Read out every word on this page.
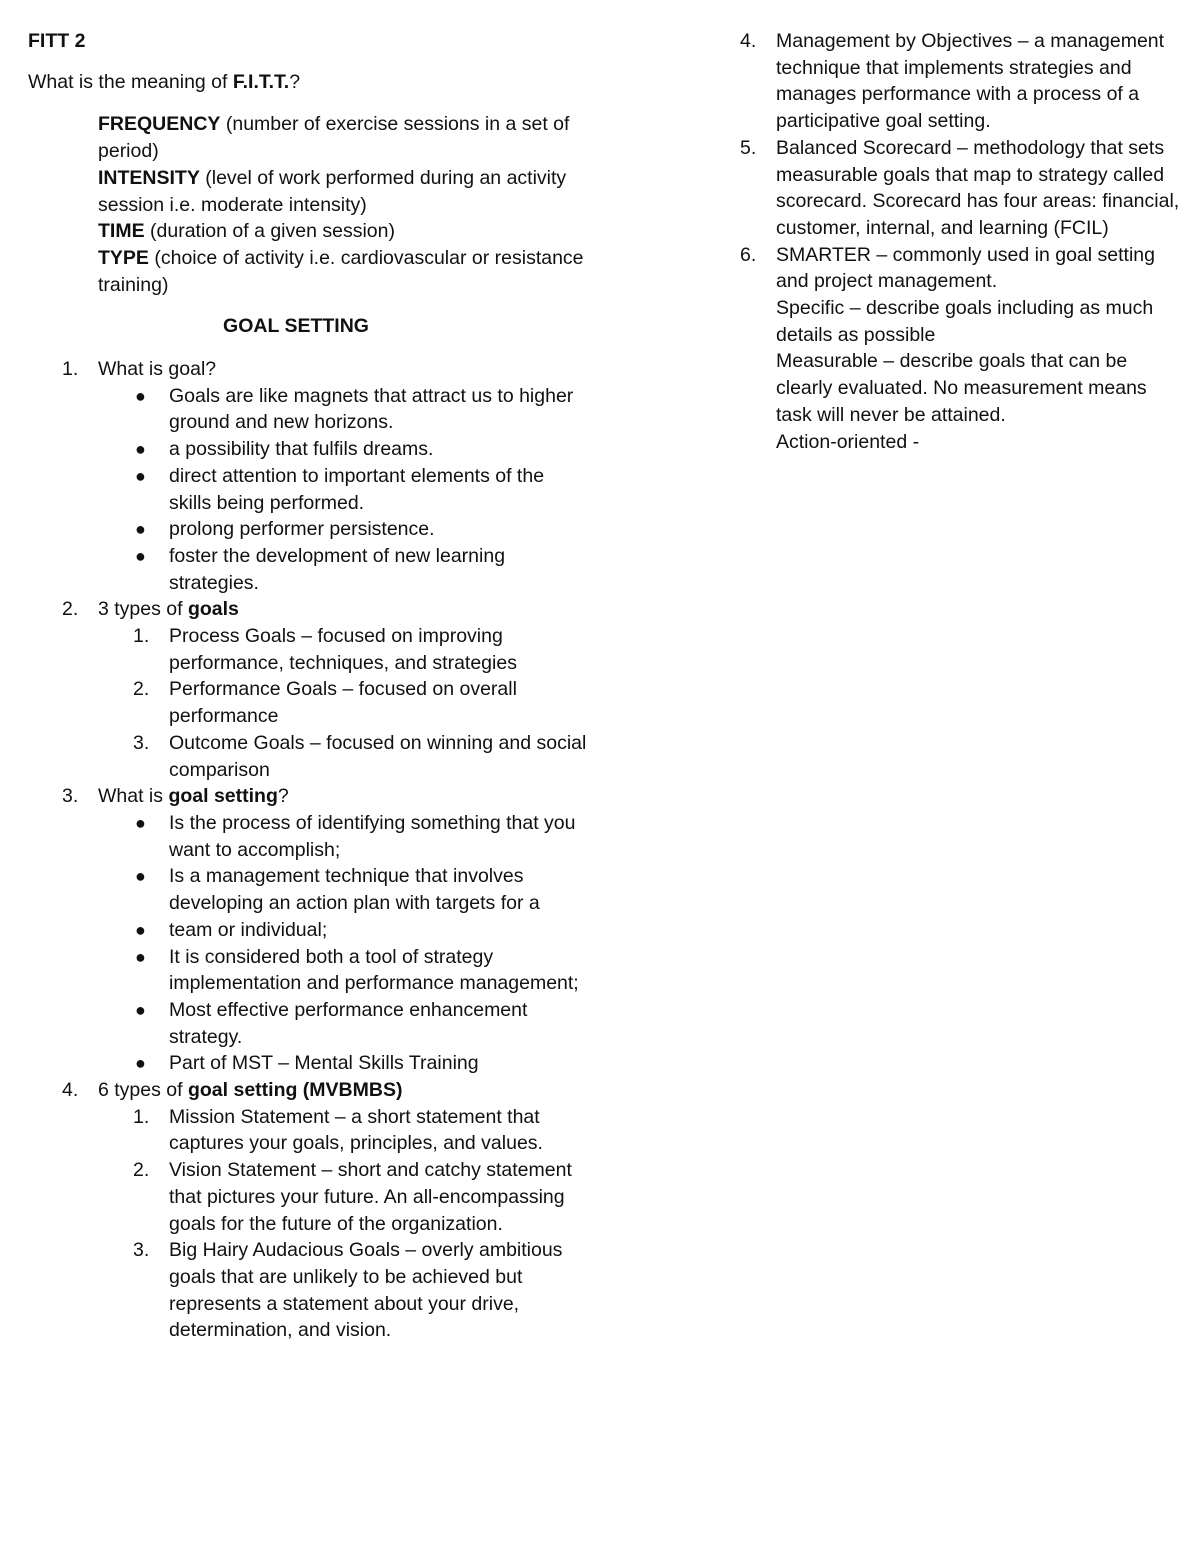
FITT 2

What is the meaning of F.I.T.T.?

FREQUENCY (number of exercise sessions in a set of period)

INTENSITY (level of work performed during an activity session i.e. moderate intensity)

TIME (duration of a given session)

TYPE (choice of activity i.e. cardiovascular or resistance training)

GOAL SETTING
1. What is goal?
● Goals are like magnets that attract us to higher ground and new horizons.
● a possibility that fulfils dreams.
● direct attention to important elements of the skills being performed.
● prolong performer persistence.
● foster the development of new learning strategies.
2. 3 types of goals
1. Process Goals – focused on improving performance, techniques, and strategies
2. Performance Goals – focused on overall performance
3. Outcome Goals – focused on winning and social comparison
3. What is goal setting?
● Is the process of identifying something that you want to accomplish;
● Is a management technique that involves developing an action plan with targets for a
● team or individual;
● It is considered both a tool of strategy implementation and performance management;
● Most effective performance enhancement strategy.
● Part of MST – Mental Skills Training
4. 6 types of goal setting (MVBMBS)
1. Mission Statement – a short statement that captures your goals, principles, and values.
2. Vision Statement – short and catchy statement that pictures your future. An all-encompassing goals for the future of the organization.
3. Big Hairy Audacious Goals – overly ambitious goals that are unlikely to be achieved but represents a statement about your drive, determination, and vision.
4. Management by Objectives – a management technique that implements strategies and manages performance with a process of a participative goal setting.
5. Balanced Scorecard – methodology that sets measurable goals that map to strategy called scorecard. Scorecard has four areas: financial, customer, internal, and learning (FCIL)
6. SMARTER – commonly used in goal setting and project management.
Specific – describe goals including as much details as possible
Measurable – describe goals that can be clearly evaluated. No measurement means task will never be attained.
Action-oriented -
